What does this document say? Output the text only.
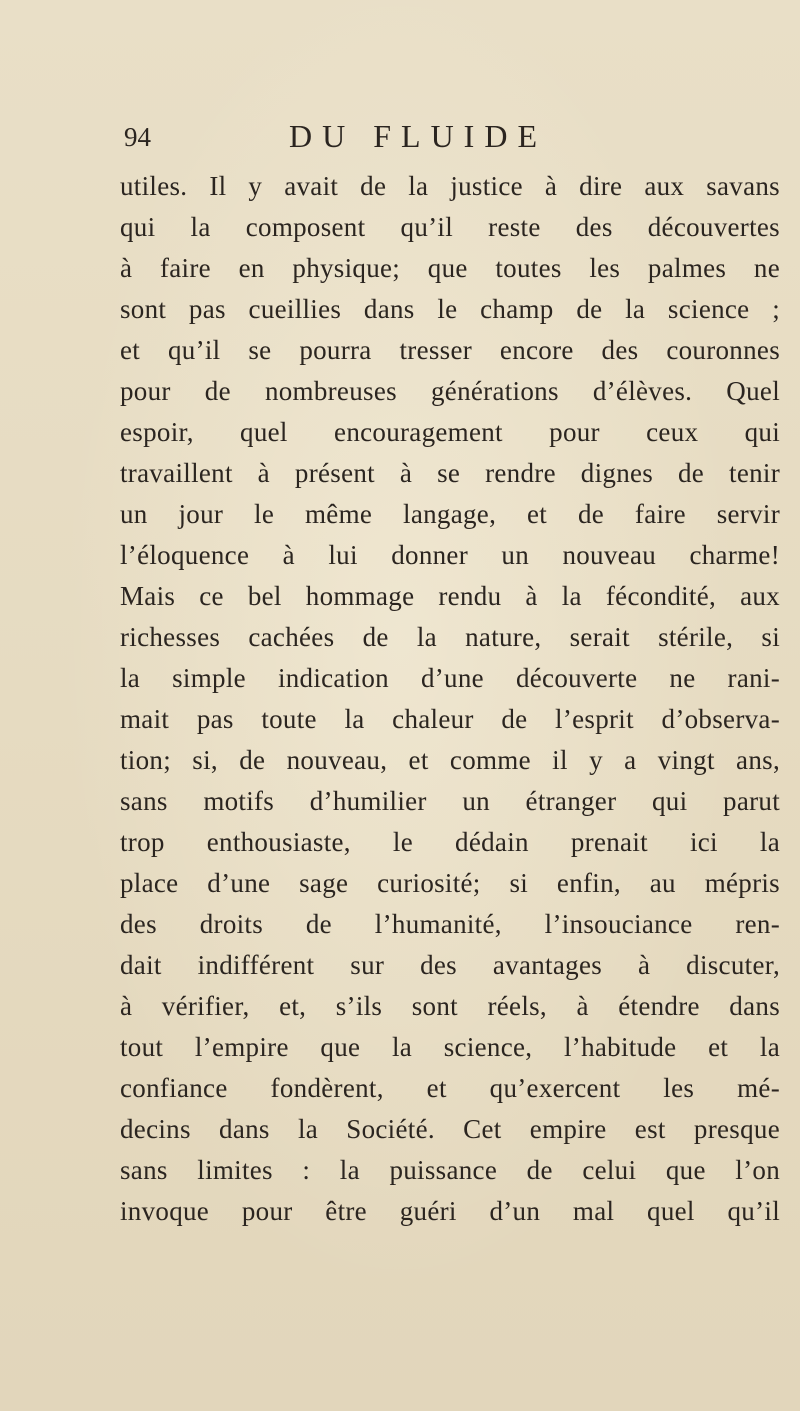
94	DU FLUIDE
utiles. Il y avait de la justice à dire aux savans
qui la composent qu’il reste des découvertes
à faire en physique; que toutes les palmes ne
sont pas cueillies dans le champ de la science ;
et qu’il se pourra tresser encore des couronnes
pour de nombreuses générations d’élèves. Quel
espoir, quel encouragement pour ceux qui
travaillent à présent à se rendre dignes de tenir
un jour le même langage, et de faire servir
l’éloquence à lui donner un nouveau charme!
Mais ce bel hommage rendu à la fécondité, aux
richesses cachées de la nature, serait stérile, si
la simple indication d’une découverte ne rani-
mait pas toute la chaleur de l’esprit d’observa-
tion; si, de nouveau, et comme il y a vingt ans,
sans motifs d’humilier un étranger qui parut
trop enthousiaste, le dédain prenait ici la
place d’une sage curiosité; si enfin, au mépris
des droits de l’humanité, l’insouciance ren-
dait indifférent sur des avantages à discuter,
à vérifier, et, s’ils sont réels, à étendre dans
tout l’empire que la science, l’habitude et la
confiance fondèrent, et qu’exercent les mé-
decins dans la Société. Cet empire est presque
sans limites : la puissance de celui que l’on
invoque pour être guéri d’un mal quel qu’il
